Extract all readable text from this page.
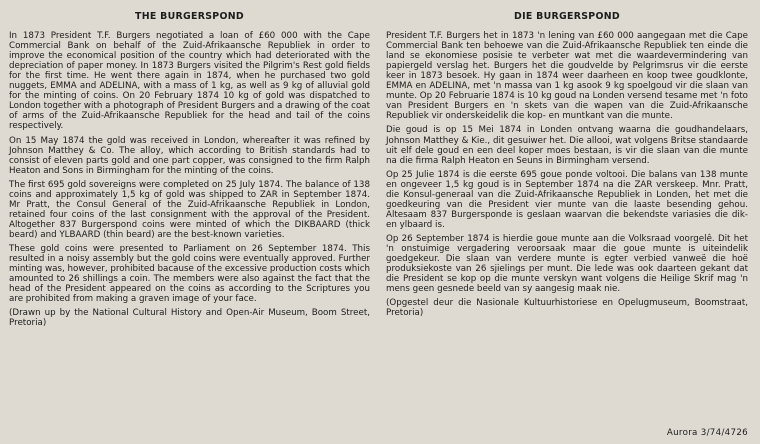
THE BURGERSPOND

In 1873 President T.F. Burgers negotiated a loan of £60 000 with the Cape Commercial Bank on behalf of the Zuid-Afrikaansche Republiek in order to improve the economical position of the country which had deteriorated with the depreciation of paper money. In 1873 Burgers visited the Pilgrim's Rest gold fields for the first time. He went there again in 1874, when he purchased two gold nuggets, EMMA and ADELINA, with a mass of 1 kg, as well as 9 kg of alluvial gold for the minting of coins. On 20 February 1874 10 kg of gold was dispatched to London together with a photograph of President Burgers and a drawing of the coat of arms of the Zuid-Afrikaansche Republiek for the head and tail of the coins respectively.

On 15 May 1874 the gold was received in London, whereafter it was refined by Johnson Matthey & Co. The alloy, which according to British standards had to consist of eleven parts gold and one part copper, was consigned to the firm Ralph Heaton and Sons in Birmingham for the minting of the coins.

The first 695 gold sovereigns were completed on 25 July 1874. The balance of 138 coins and approximately 1,5 kg of gold was shipped to ZAR in September 1874. Mr Pratt, the Consul General of the Zuid-Afrikaansche Republiek in London, retained four coins of the last consignment with the approval of the President. Altogether 837 Burgerspond coins were minted of which the DIKBAARD (thick beard) and YLBAARD (thin beard) are the best-known varieties.

These gold coins were presented to Parliament on 26 September 1874. This resulted in a noisy assembly but the gold coins were eventually approved. Further minting was, however, prohibited bacause of the excessive production costs which amounted to 26 shillings a coin. The members were also against the fact that the head of the President appeared on the coins as according to the Scriptures you are prohibited from making a graven image of your face.

(Drawn up by the National Cultural History and Open-Air Museum, Boom Street, Pretoria)

DIE BURGERSPOND

President T.F. Burgers het in 1873 'n lening van £60 000 aangegaan met die Cape Commercial Bank ten behoewe van die Zuid-Afrikaansche Republiek ten einde die land se ekonomiese posisie te verbeter wat met die waardevermindering van papiergeld verslag het. Burgers het die goudvelde by Pelgrimsrus vir die eerste keer in 1873 besoek. Hy gaan in 1874 weer daarheen en koop twee goudklonte, EMMA en ADELINA, met 'n massa van 1 kg asook 9 kg spoelgoud vir die slaan van munte. Op 20 Februarie 1874 is 10 kg goud na Londen versend tesame met 'n foto van President Burgers en 'n skets van die wapen van die Zuid-Afrikaansche Republiek vir onderskeidelik die kop- en muntkant van die munte.

Die goud is op 15 Mei 1874 in Londen ontvang waarna die goudhandelaars, Johnson Matthey & Kie., dit gesuiwer het. Die allooi, wat volgens Britse standaarde uit elf dele goud en een deel koper moes bestaan, is vir die slaan van die munte na die firma Ralph Heaton en Seuns in Birmingham versend.

Op 25 Julie 1874 is die eerste 695 goue ponde voltooi. Die balans van 138 munte en ongeveer 1,5 kg goud is in September 1874 na die ZAR verskeep. Mnr. Pratt, die Konsul-generaal van die Zuid-Afrikaansche Republiek in Londen, het met die goedkeuring van die President vier munte van die laaste besending gehou. Altesaam 837 Burgersponde is geslaan waarvan die bekendste variasies die dik- en ylbaard is.

Op 26 September 1874 is hierdie goue munte aan die Volksraad voorgelê. Dit het 'n onstuimige vergadering veroorsaak maar die goue munte is uiteindelik goedgekeur. Die slaan van verdere munte is egter verbied vanweë die hoë produksiekoste van 26 sjielings per munt. Die lede was ook daarteen gekant dat die President se kop op die munte verskyn want volgens die Heilige Skrif mag 'n mens geen gesnede beeld van sy aangesig maak nie.

(Opgestel deur die Nasionale Kultuurhistoriese en Opelugmuseum, Boomstraat, Pretoria)

Aurora 3/74/4726
